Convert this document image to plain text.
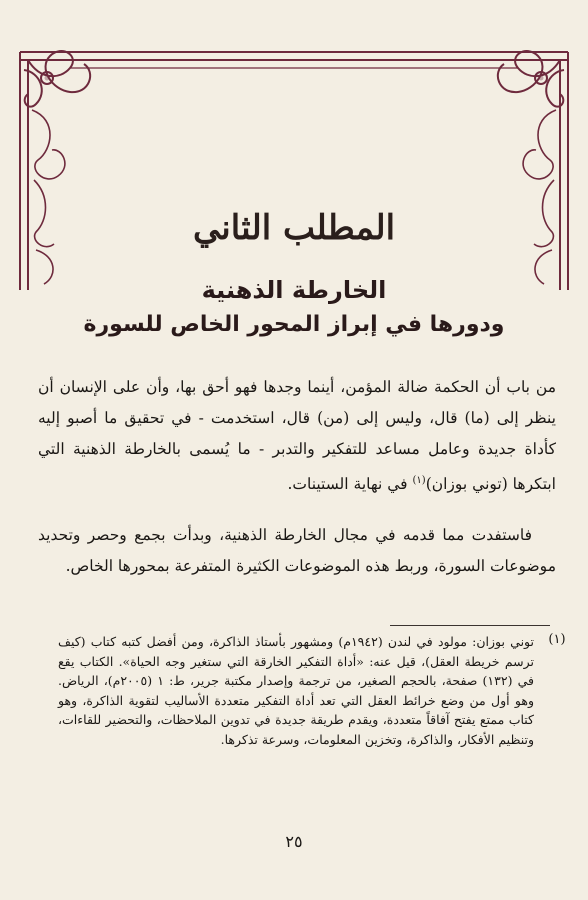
المطلب الثاني
الخارطة الذهنية
ودورها في إبراز المحور الخاص للسورة
من باب أن الحكمة ضالة المؤمن، أينما وجدها فهو أحق بها، وأن على الإنسان أن ينظر إلى (ما) قال، وليس إلى (من) قال، استخدمت - في تحقيق ما أصبو إليه كأداة جديدة وعامل مساعد للتفكير والتدبر - ما يُسمى بالخارطة الذهنية التي ابتكرها (توني بوزان)$^{(١)}$ في نهاية الستينات.
فاستفدت مما قدمه في مجال الخارطة الذهنية، وبدأت بجمع وحصر وتحديد موضوعات السورة، وربط هذه الموضوعات الكثيرة المتفرعة بمحورها الخاص.
(١)
توني بوزان: مولود في لندن (١٩٤٢م) ومشهور بأستاذ الذاكرة، ومن أفضل كتبه كتاب (كيف ترسم خريطة العقل)، قيل عنه: «أداة التفكير الخارقة التي ستغير وجه الحياة». الكتاب يقع في (١٣٢) صفحة، بالحجم الصغير، من ترجمة وإصدار مكتبة جرير، ط: ١ (٢٠٠٥م)، الرياض. وهو أول من وضع خرائط العقل التي تعد أداة التفكير متعددة الأساليب لتقوية الذاكرة، وهو كتاب ممتع يفتح آفاقاً متعددة، ويقدم طريقة جديدة في تدوين الملاحظات، والتحضير للقاءات، وتنظيم الأفكار، والذاكرة، وتخزين المعلومات، وسرعة تذكرها.
٢٥
